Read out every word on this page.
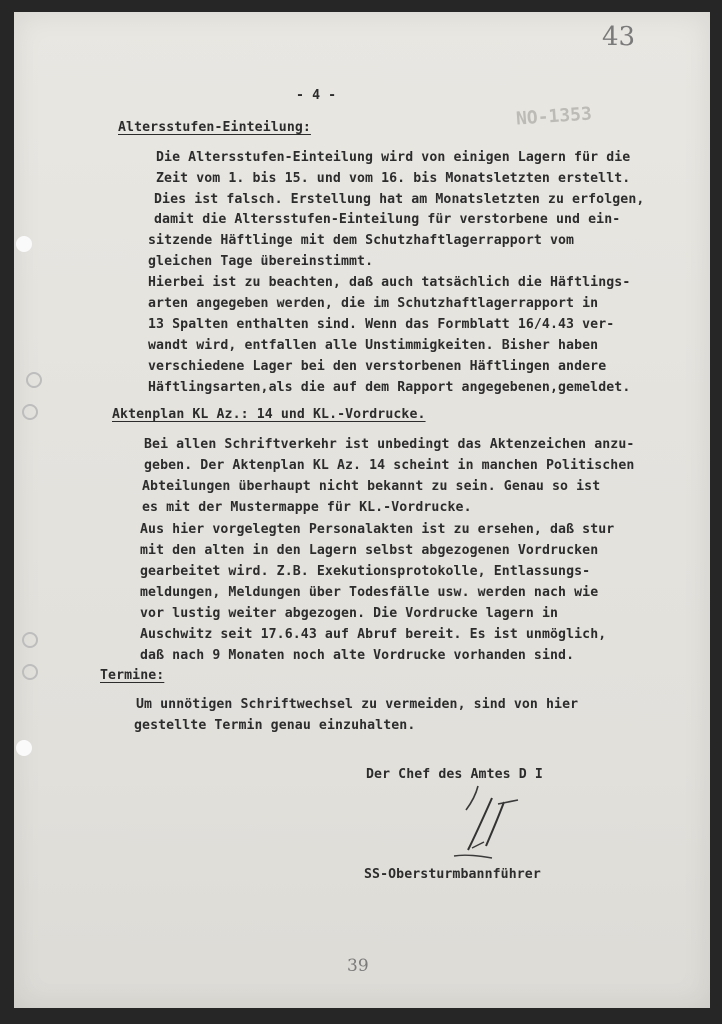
43
NO-1353
- 4 -
Altersstufen-Einteilung:
Die Altersstufen-Einteilung wird von einigen Lagern für die
Zeit vom 1. bis 15. und vom 16. bis Monatsletzten erstellt.
Dies ist falsch. Erstellung hat am Monatsletzten zu erfolgen,
damit die Altersstufen-Einteilung für verstorbene und ein-
sitzende Häftlinge mit dem Schutzhaftlagerrapport vom
gleichen Tage übereinstimmt.
Hierbei ist zu beachten, daß auch tatsächlich die Häftlings-
arten angegeben werden, die im Schutzhaftlagerrapport in
13 Spalten enthalten sind. Wenn das Formblatt 16/4.43 ver-
wandt wird, entfallen alle Unstimmigkeiten. Bisher haben
verschiedene Lager bei den verstorbenen Häftlingen andere
Häftlingsarten,als die auf dem Rapport angegebenen,gemeldet.
Aktenplan KL Az.: 14 und KL.-Vordrucke.
Bei allen Schriftverkehr ist unbedingt das Aktenzeichen anzu-
geben. Der Aktenplan KL Az. 14 scheint in manchen Politischen
Abteilungen überhaupt nicht bekannt zu sein. Genau so ist
es mit der Mustermappe für KL.-Vordrucke.
Aus hier vorgelegten Personalakten ist zu ersehen, daß stur
mit den alten in den Lagern selbst abgezogenen Vordrucken
gearbeitet wird. Z.B. Exekutionsprotokolle, Entlassungs-
meldungen, Meldungen über Todesfälle usw. werden nach wie
vor lustig weiter abgezogen. Die Vordrucke lagern in
Auschwitz seit 17.6.43 auf Abruf bereit. Es ist unmöglich,
daß nach 9 Monaten noch alte Vordrucke vorhanden sind.
Termine:
Um unnötigen Schriftwechsel zu vermeiden, sind von hier
gestellte Termin genau einzuhalten.
Der Chef des Amtes D I
SS-Obersturmbannführer
39
